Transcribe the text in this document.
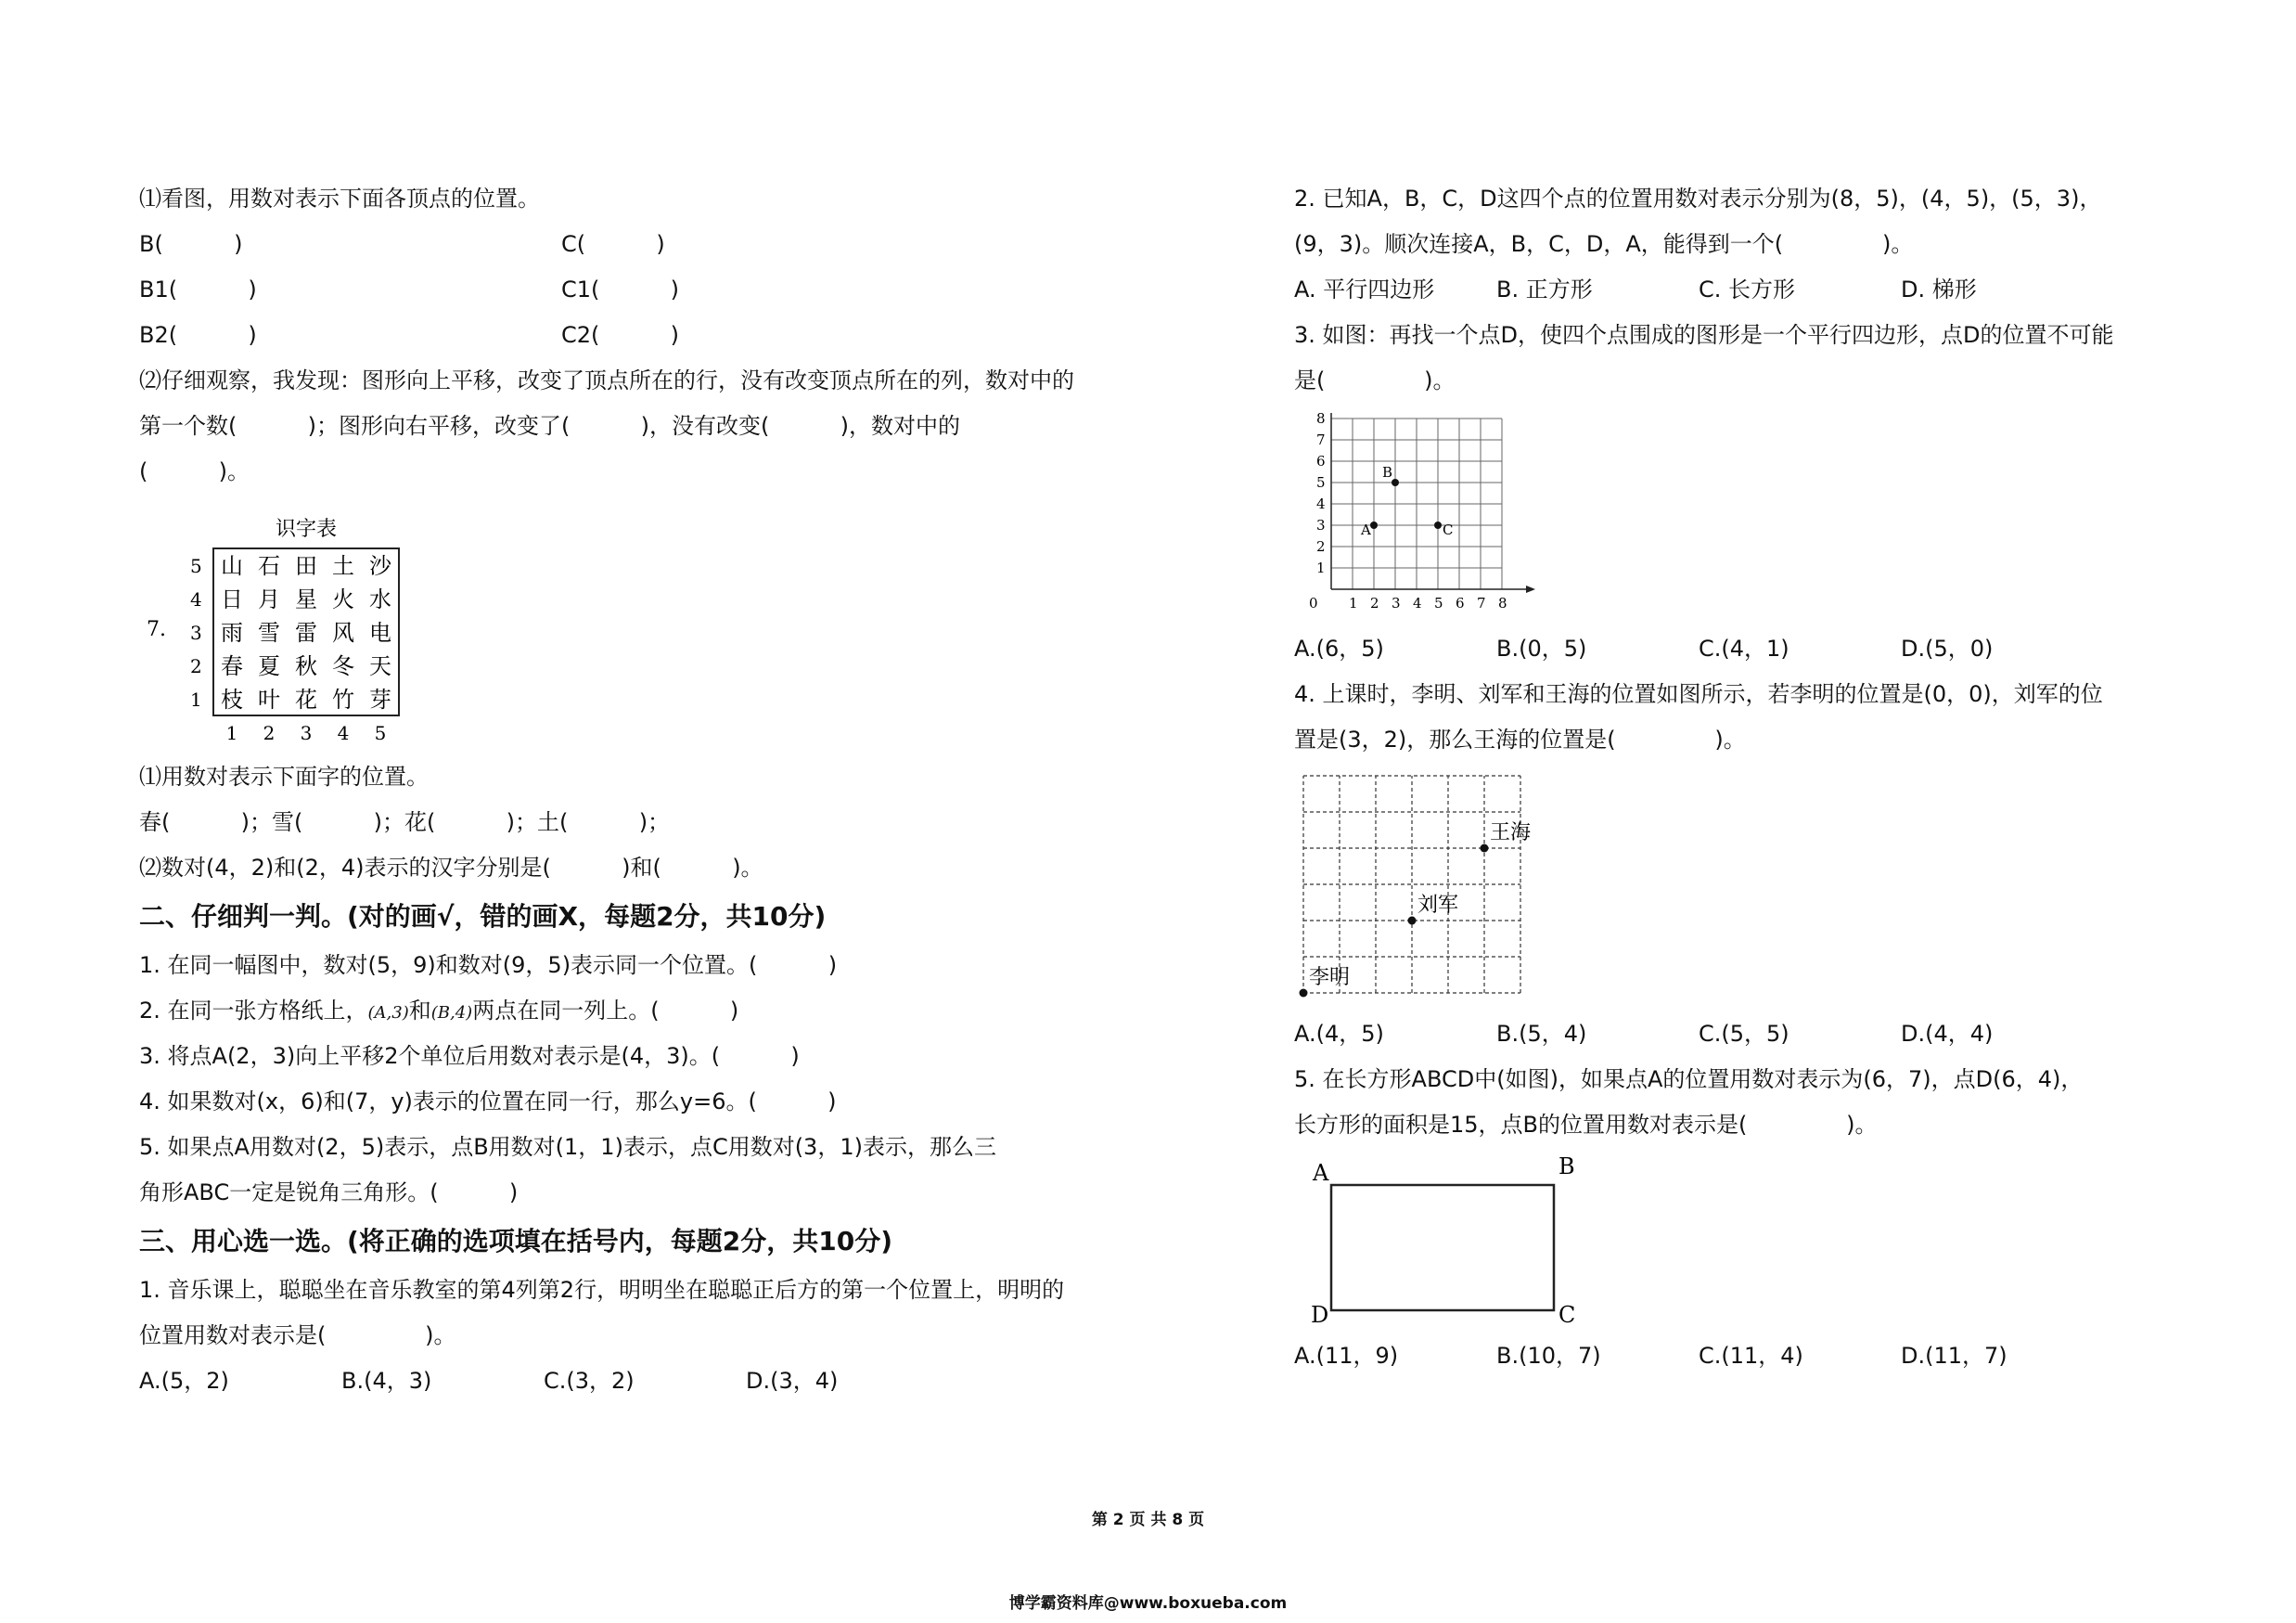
⑴看图，用数对表示下面各顶点的位置。
B(          )	C(          )
B1(          )	C1(          )
B2(          )	C2(          )
⑵仔细观察，我发现：图形向上平移，改变了顶点所在的行，没有改变顶点所在的列，数对中的
第一个数(          )；图形向右平移，改变了(          )，没有改变(          )，数对中的
(          )。
识字表
7.
5
4
3
2
1
山 石 田 土 沙
日 月 星 火 水
雨 雪 雷 风 电
春 夏 秋 冬 天
枝 叶 花 竹 芽
1 2 3 4 5
⑴用数对表示下面字的位置。
春(          )；雪(          )；花(          )；土(          )；
⑵数对(4，2)和(2，4)表示的汉字分别是(          )和(          )。
二、仔细判一判。(对的画√，错的画X，每题2分，共10分)
1. 在同一幅图中，数对(5，9)和数对(9，5)表示同一个位置。(          )
2. 在同一张方格纸上，(A,3)和(B,4)两点在同一列上。(          )
3. 将点A(2，3)向上平移2个单位后用数对表示是(4，3)。(          )
4. 如果数对(x，6)和(7，y)表示的位置在同一行，那么y=6。(          )
5. 如果点A用数对(2，5)表示，点B用数对(1，1)表示，点C用数对(3，1)表示，那么三
角形ABC一定是锐角三角形。(          )
三、用心选一选。(将正确的选项填在括号内，每题2分，共10分)
1. 音乐课上，聪聪坐在音乐教室的第4列第2行，明明坐在聪聪正后方的第一个位置上，明明的
位置用数对表示是(              )。
A.(5，2)	B.(4，3)	C.(3，2)	D.(3，4)
2. 已知A，B，C，D这四个点的位置用数对表示分别为(8，5)，(4，5)，(5，3)，
(9，3)。顺次连接A，B，C，D，A，能得到一个(              )。
A. 平行四边形	B. 正方形	C. 长方形	D. 梯形
3. 如图：再找一个点D，使四个点围成的图形是一个平行四边形，点D的位置不可能
是(              )。
0 1 2 3 4 5 6 7 8
8
7
6
5
4
3
2
1
A
B
C
A.(6，5)	B.(0，5)	C.(4，1)	D.(5，0)
4. 上课时，李明、刘军和王海的位置如图所示，若李明的位置是(0，0)，刘军的位
置是(3，2)，那么王海的位置是(              )。
李明
刘军
王海
A.(4，5)	B.(5，4)	C.(5，5)	D.(4，4)
5. 在长方形ABCD中(如图)，如果点A的位置用数对表示为(6，7)，点D(6，4)，
长方形的面积是15，点B的位置用数对表示是(              )。
A	B
C
D
A.(11，9)	B.(10，7)	C.(11，4)	D.(11，7)
第 2 页 共 8 页
博学霸资料库@www.boxueba.com
